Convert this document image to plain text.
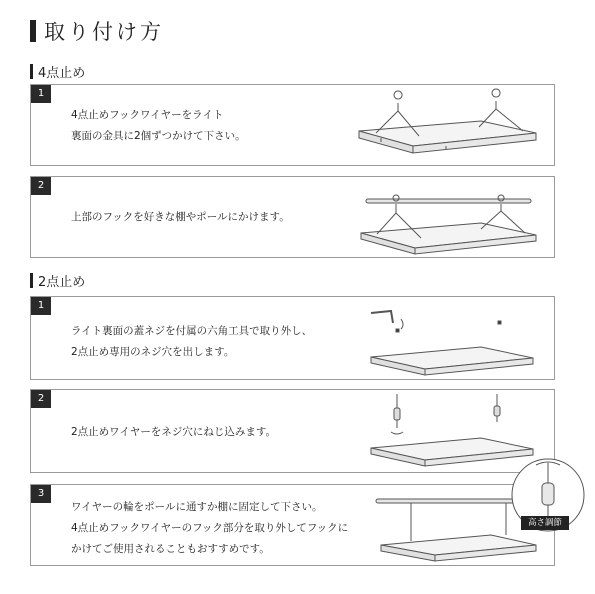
取り付け方
4点止め
1
4点止めフックワイヤーをライト
裏面の金具に2個ずつかけて下さい。
2
上部のフックを好きな棚やポールにかけます。
2点止め
1
ライト裏面の蓋ネジを付属の六角工具で取り外し、
2点止め専用のネジ穴を出します。
2
2点止めワイヤーをネジ穴にねじ込みます。
3
ワイヤーの輪をポールに通すか棚に固定して下さい。
4点止めフックワイヤーのフック部分を取り外してフックに
かけてご使用されることもおすすめです。
高さ調節
